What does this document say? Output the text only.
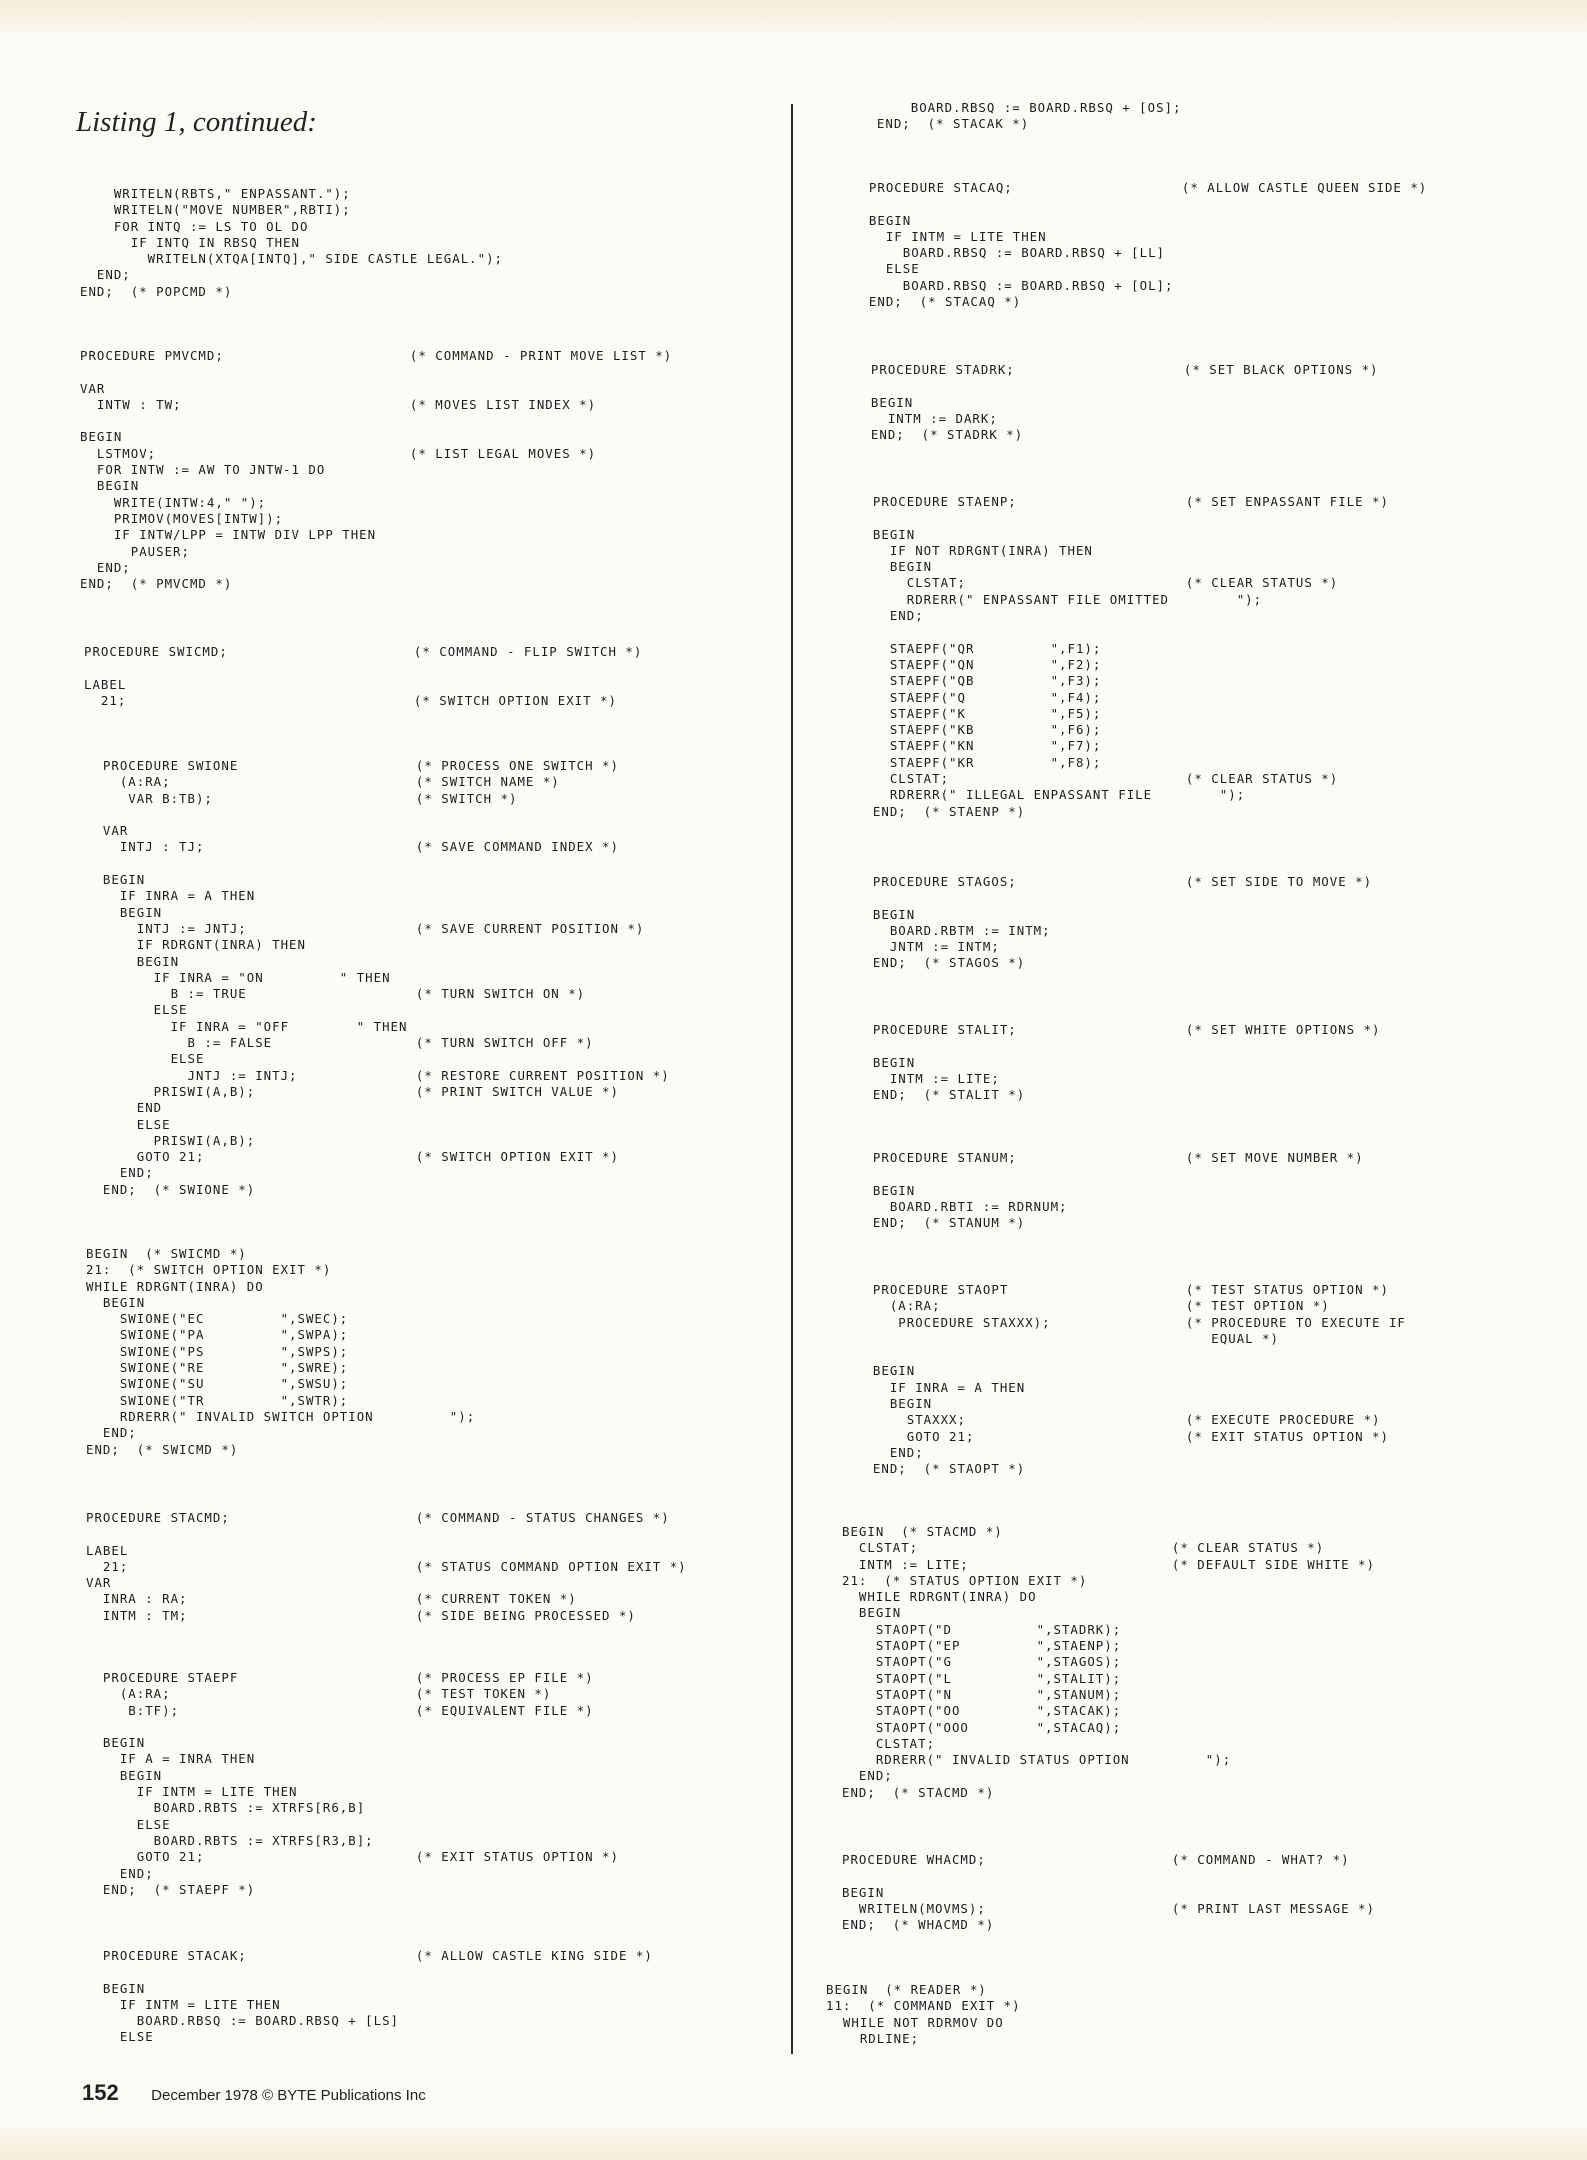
Listing 1, continued:
WRITELN(RBTS," ENPASSANT.");
WRITELN("MOVE NUMBER",RBTI);
FOR INTQ := LS TO OL DO
IF INTQ IN RBSQ THEN
WRITELN(XTQA[INTQ]," SIDE CASTLE LEGAL.");
END;
END;  (* POPCMD *)
PROCEDURE PMVCMD;                      (* COMMAND - PRINT MOVE LIST *)

VAR
INTW : TW;                           (* MOVES LIST INDEX *)

BEGIN
LSTMOV;                              (* LIST LEGAL MOVES *)
FOR INTW := AW TO JNTW-1 DO
BEGIN
WRITE(INTW:4," ");
PRIMOV(MOVES[INTW]);
IF INTW/LPP = INTW DIV LPP THEN
PAUSER;
END;
END;  (* PMVCMD *)
PROCEDURE SWICMD;                      (* COMMAND - FLIP SWITCH *)

LABEL
21;                                  (* SWITCH OPTION EXIT *)
PROCEDURE SWIONE                     (* PROCESS ONE SWITCH *)
(A:RA;                             (* SWITCH NAME *)
VAR B:TB);                        (* SWITCH *)

VAR
INTJ : TJ;                         (* SAVE COMMAND INDEX *)

BEGIN
IF INRA = A THEN
BEGIN
INTJ := JNTJ;                    (* SAVE CURRENT POSITION *)
IF RDRGNT(INRA) THEN
BEGIN
IF INRA = "ON         " THEN
B := TRUE                    (* TURN SWITCH ON *)
ELSE
IF INRA = "OFF        " THEN
B := FALSE                 (* TURN SWITCH OFF *)
ELSE
JNTJ := INTJ;              (* RESTORE CURRENT POSITION *)
PRISWI(A,B);                   (* PRINT SWITCH VALUE *)
END
ELSE
PRISWI(A,B);
GOTO 21;                         (* SWITCH OPTION EXIT *)
END;
END;  (* SWIONE *)
BEGIN  (* SWICMD *)
21:  (* SWITCH OPTION EXIT *)
WHILE RDRGNT(INRA) DO
BEGIN
SWIONE("EC         ",SWEC);
SWIONE("PA         ",SWPA);
SWIONE("PS         ",SWPS);
SWIONE("RE         ",SWRE);
SWIONE("SU         ",SWSU);
SWIONE("TR         ",SWTR);
RDRERR(" INVALID SWITCH OPTION         ");
END;
END;  (* SWICMD *)
PROCEDURE STACMD;                      (* COMMAND - STATUS CHANGES *)

LABEL
21;                                  (* STATUS COMMAND OPTION EXIT *)
VAR
INRA : RA;                           (* CURRENT TOKEN *)
INTM : TM;                           (* SIDE BEING PROCESSED *)
PROCEDURE STAEPF                     (* PROCESS EP FILE *)
(A:RA;                             (* TEST TOKEN *)
B:TF);                            (* EQUIVALENT FILE *)

BEGIN
IF A = INRA THEN
BEGIN
IF INTM = LITE THEN
BOARD.RBTS := XTRFS[R6,B]
ELSE
BOARD.RBTS := XTRFS[R3,B];
GOTO 21;                         (* EXIT STATUS OPTION *)
END;
END;  (* STAEPF *)
PROCEDURE STACAK;                    (* ALLOW CASTLE KING SIDE *)

BEGIN
IF INTM = LITE THEN
BOARD.RBSQ := BOARD.RBSQ + [LS]
ELSE
BOARD.RBSQ := BOARD.RBSQ + [OS];
END;  (* STACAK *)
PROCEDURE STACAQ;                    (* ALLOW CASTLE QUEEN SIDE *)

BEGIN
IF INTM = LITE THEN
BOARD.RBSQ := BOARD.RBSQ + [LL]
ELSE
BOARD.RBSQ := BOARD.RBSQ + [OL];
END;  (* STACAQ *)
PROCEDURE STADRK;                    (* SET BLACK OPTIONS *)

BEGIN
INTM := DARK;
END;  (* STADRK *)
PROCEDURE STAENP;                    (* SET ENPASSANT FILE *)

BEGIN
IF NOT RDRGNT(INRA) THEN
BEGIN
CLSTAT;                          (* CLEAR STATUS *)
RDRERR(" ENPASSANT FILE OMITTED        ");
END;

STAEPF("QR         ",F1);
STAEPF("QN         ",F2);
STAEPF("QB         ",F3);
STAEPF("Q          ",F4);
STAEPF("K          ",F5);
STAEPF("KB         ",F6);
STAEPF("KN         ",F7);
STAEPF("KR         ",F8);
CLSTAT;                            (* CLEAR STATUS *)
RDRERR(" ILLEGAL ENPASSANT FILE        ");
END;  (* STAENP *)
PROCEDURE STAGOS;                    (* SET SIDE TO MOVE *)

BEGIN
BOARD.RBTM := INTM;
JNTM := INTM;
END;  (* STAGOS *)
PROCEDURE STALIT;                    (* SET WHITE OPTIONS *)

BEGIN
INTM := LITE;
END;  (* STALIT *)
PROCEDURE STANUM;                    (* SET MOVE NUMBER *)

BEGIN
BOARD.RBTI := RDRNUM;
END;  (* STANUM *)
PROCEDURE STAOPT                     (* TEST STATUS OPTION *)
(A:RA;                             (* TEST OPTION *)
PROCEDURE STAXXX);                (* PROCEDURE TO EXECUTE IF
EQUAL *)

BEGIN
IF INRA = A THEN
BEGIN
STAXXX;                          (* EXECUTE PROCEDURE *)
GOTO 21;                         (* EXIT STATUS OPTION *)
END;
END;  (* STAOPT *)
BEGIN  (* STACMD *)
CLSTAT;                              (* CLEAR STATUS *)
INTM := LITE;                        (* DEFAULT SIDE WHITE *)
21:  (* STATUS OPTION EXIT *)
WHILE RDRGNT(INRA) DO
BEGIN
STAOPT("D          ",STADRK);
STAOPT("EP         ",STAENP);
STAOPT("G          ",STAGOS);
STAOPT("L          ",STALIT);
STAOPT("N          ",STANUM);
STAOPT("OO         ",STACAK);
STAOPT("OOO        ",STACAQ);
CLSTAT;
RDRERR(" INVALID STATUS OPTION         ");
END;
END;  (* STACMD *)
PROCEDURE WHACMD;                      (* COMMAND - WHAT? *)

BEGIN
WRITELN(MOVMS);                      (* PRINT LAST MESSAGE *)
END;  (* WHACMD *)
BEGIN  (* READER *)
11:  (* COMMAND EXIT *)
WHILE NOT RDRMOV DO
RDLINE;
152 December 1978 © BYTE Publications Inc
